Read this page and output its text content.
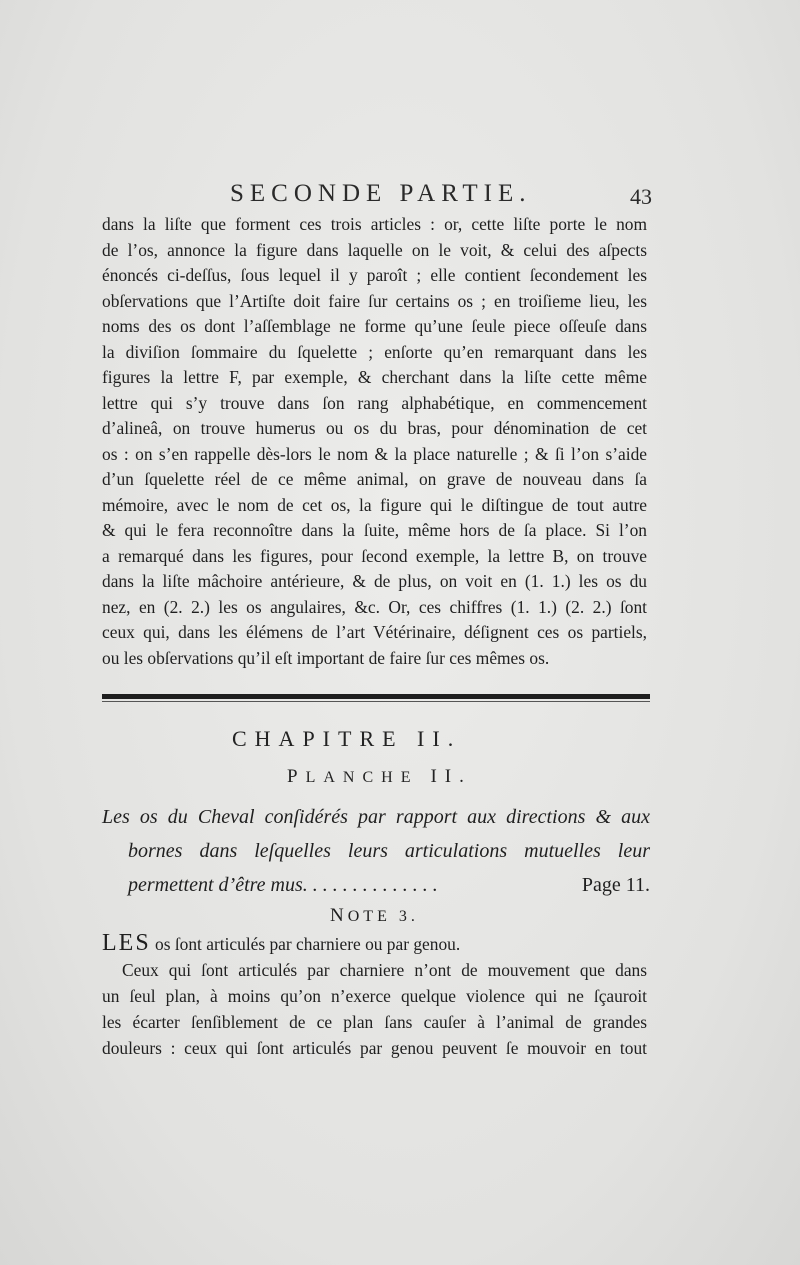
SECONDE PARTIE.	43
dans la liſte que forment ces trois articles : or, cette liſte porte le nom
de l’os, annonce la figure dans laquelle on le voit, & celui des aſpects
énoncés ci-deſſus, ſous lequel il y paroît ; elle contient ſecondement les
obſervations que l’Artiſte doit faire ſur certains os ; en troiſieme lieu, les
noms des os dont l’aſſemblage ne forme qu’une ſeule piece oſſeuſe dans
la diviſion ſommaire du ſquelette ; enſorte qu’en remarquant dans les
figures la lettre F, par exemple, & cherchant dans la liſte cette même
lettre qui s’y trouve dans ſon rang alphabétique, en commencement
d’alineâ, on trouve humerus ou os du bras, pour dénomination de cet
os : on s’en rappelle dès-lors le nom & la place naturelle ; & ſi l’on s’aide
d’un ſquelette réel de ce même animal, on grave de nouveau dans ſa
mémoire, avec le nom de cet os, la figure qui le diſtingue de tout autre
& qui le fera reconnoître dans la ſuite, même hors de ſa place. Si l’on
a remarqué dans les figures, pour ſecond exemple, la lettre B, on trouve
dans la liſte mâchoire antérieure, & de plus, on voit en (1. 1.) les os du
nez, en (2. 2.) les os angulaires, &c. Or, ces chiffres (1. 1.) (2. 2.) ſont
ceux qui, dans les élémens de l’art Vétérinaire, déſignent ces os partiels,
ou les obſervations qu’il eſt important de faire ſur ces mêmes os.
CHAPITRE II.
PLANCHE II.
Les os du Cheval conſidérés par rapport aux directions & aux
bornes dans leſquelles leurs articulations mutuelles leur
permettent d’être mus. . . . . . . . . . . . . .	Page 11.
NOTE 3.
LES os ſont articulés par charniere ou par genou.
Ceux qui ſont articulés par charniere n’ont de mouvement que dans
un ſeul plan, à moins qu’on n’exerce quelque violence qui ne ſçauroit
les écarter ſenſiblement de ce plan ſans cauſer à l’animal de grandes
douleurs : ceux qui ſont articulés par genou peuvent ſe mouvoir en tout
